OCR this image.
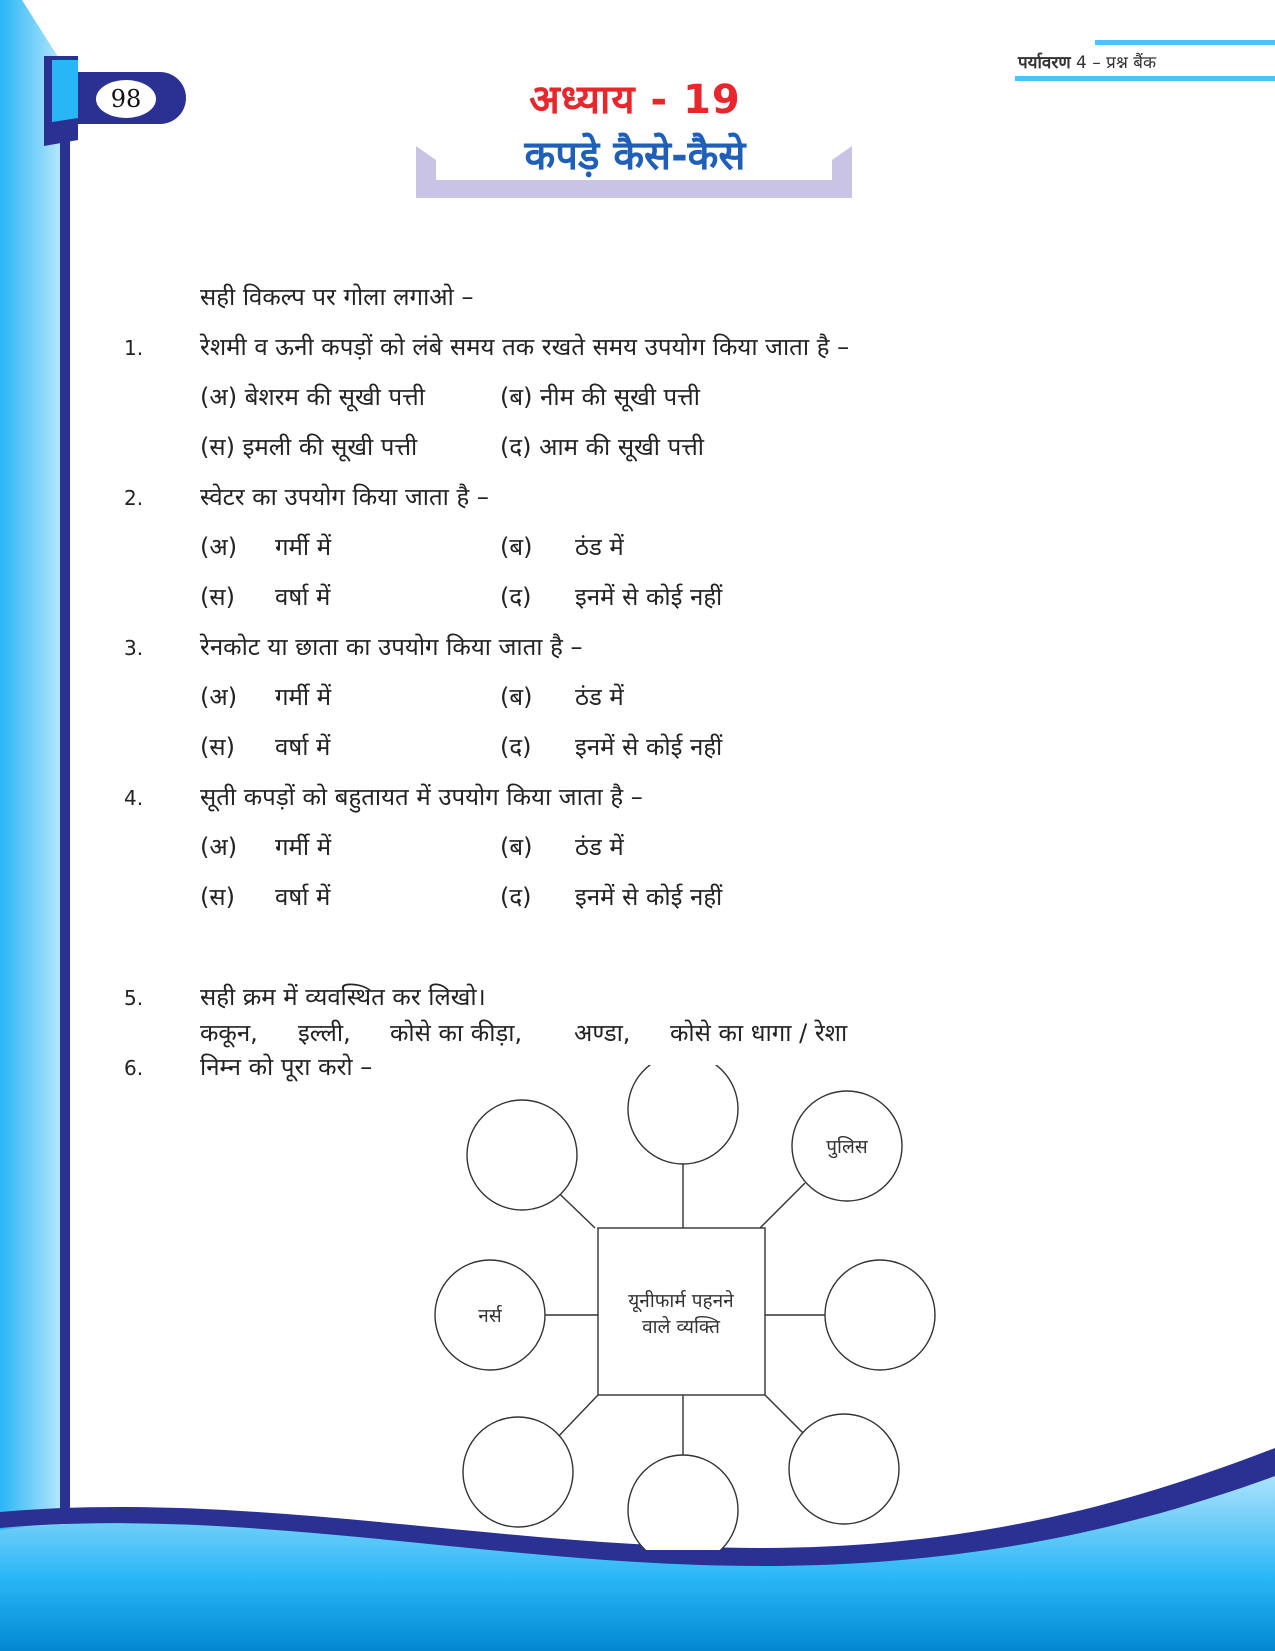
98
पर्यावरण 4 – प्रश्न बैंक
अध्याय - 19
कपड़े कैसे-कैसे
सही विकल्प पर गोला लगाओ –
1. रेशमी व ऊनी कपड़ों को लंबे समय तक रखते समय उपयोग किया जाता है –
(अ) बेशरम की सूखी पत्ती	(ब) नीम की सूखी पत्ती
(स) इमली की सूखी पत्ती	(द) आम की सूखी पत्ती
2. स्वेटर का उपयोग किया जाता है –
(अ) गर्मी में	(ब) ठंड में
(स) वर्षा में	(द) इनमें से कोई नहीं
3. रेनकोट या छाता का उपयोग किया जाता है –
(अ) गर्मी में	(ब) ठंड में
(स) वर्षा में	(द) इनमें से कोई नहीं
4. सूती कपड़ों को बहुतायत में उपयोग किया जाता है –
(अ) गर्मी में	(ब) ठंड में
(स) वर्षा में	(द) इनमें से कोई नहीं
5. सही क्रम में व्यवस्थित कर लिखो।
ककून, इल्ली, कोसे का कीड़ा, अण्डा, कोसे का धागा / रेशा
6. निम्न को पूरा करो –
यूनीफार्म पहनने
वाले व्यक्ति
पुलिस
नर्स
